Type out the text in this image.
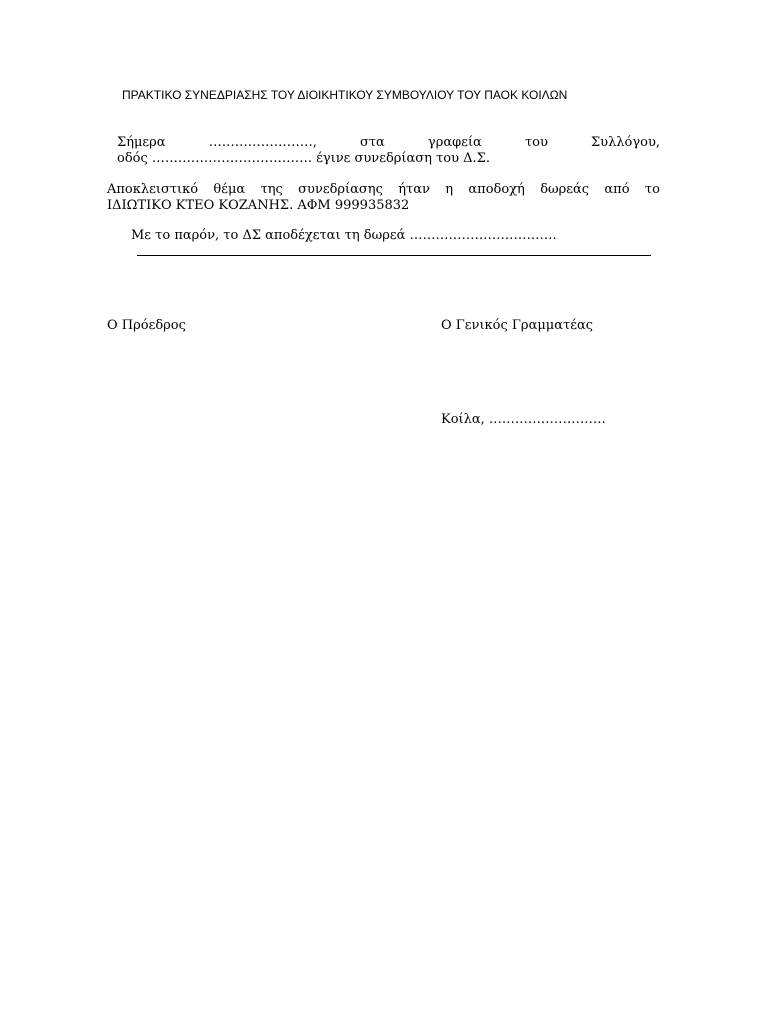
ΠΡΑΚΤΙΚΟ ΣΥΝΕΔΡΙΑΣΗΣ ΤΟΥ ΔΙΟΙΚΗΤΙΚΟΥ ΣΥΜΒΟΥΛΙΟΥ ΤΟΥ ΠΑΟΚ ΚΟΙΛΩΝ
Σήμερα	……………………,	στα	γραφεία	του	Συλλόγου,
οδός ………………………………. έγινε συνεδρίαση του Δ.Σ.
Αποκλειστικό θέμα της συνεδρίασης ήταν η αποδοχή δωρεάς από το
ΙΔΙΩΤΙΚΟ ΚΤΕΟ ΚΟΖΑΝΗΣ. ΑΦΜ 999935832
Με το παρόν, το ΔΣ αποδέχεται τη δωρεά …………………………….
Ο Πρόεδρος	Ο Γενικός Γραμματέας
Κοίλα, ………………………
